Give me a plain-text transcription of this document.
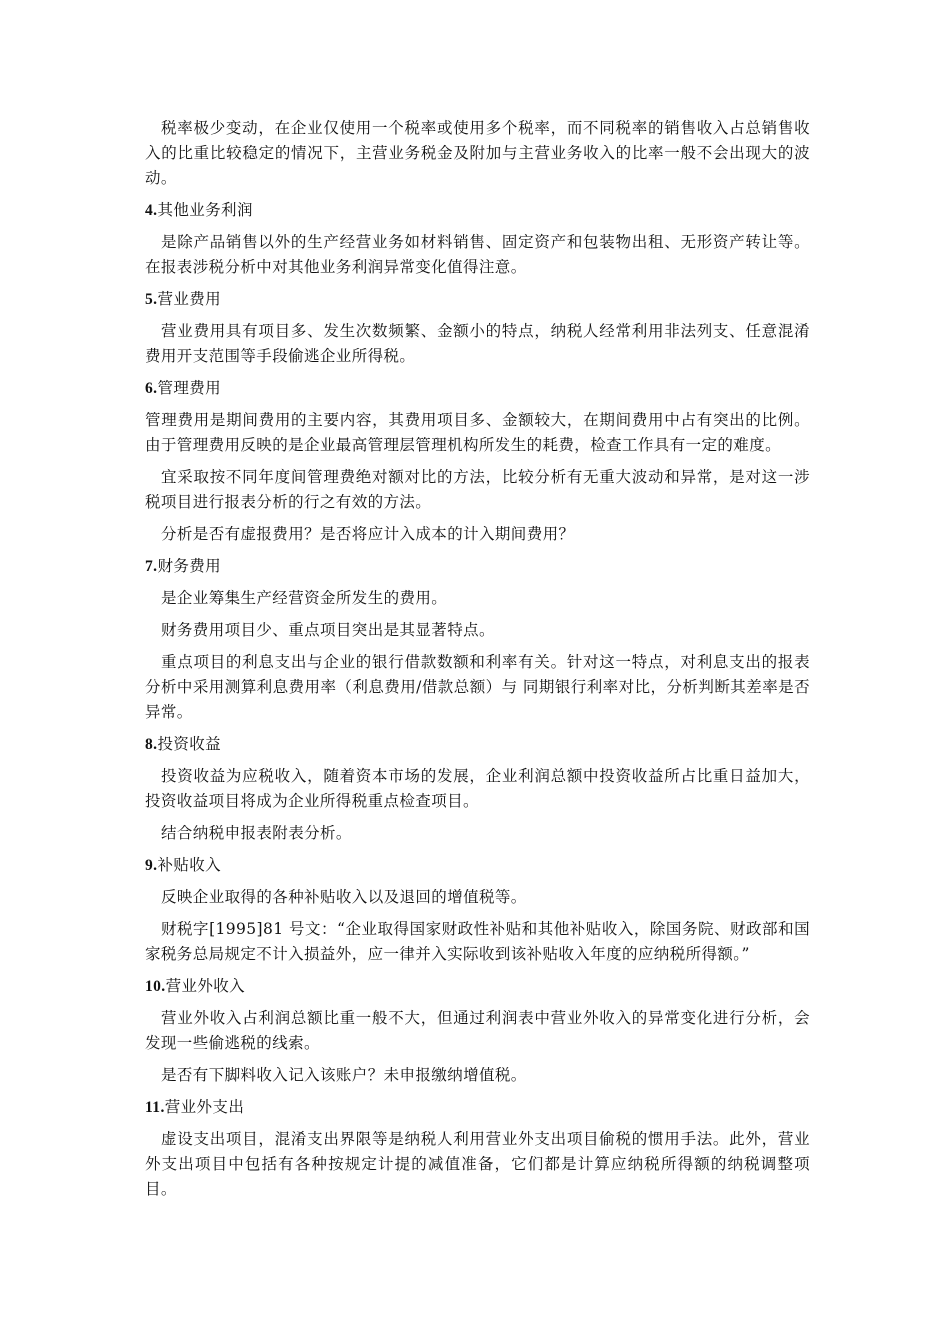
税率极少变动，在企业仅使用一个税率或使用多个税率，而不同税率的销售收入占总销售收入的比重比较稳定的情况下，主营业务税金及附加与主营业务收入的比率一般不会出现大的波动。

4.其他业务利润

是除产品销售以外的生产经营业务如材料销售、固定资产和包装物出租、无形资产转让等。在报表涉税分析中对其他业务利润异常变化值得注意。

5.营业费用

营业费用具有项目多、发生次数频繁、金额小的特点，纳税人经常利用非法列支、任意混淆费用开支范围等手段偷逃企业所得税。

6.管理费用

管理费用是期间费用的主要内容，其费用项目多、金额较大，在期间费用中占有突出的比例。由于管理费用反映的是企业最高管理层管理机构所发生的耗费，检查工作具有一定的难度。

宜采取按不同年度间管理费绝对额对比的方法，比较分析有无重大波动和异常，是对这一涉税项目进行报表分析的行之有效的方法。

分析是否有虚报费用？是否将应计入成本的计入期间费用？

7.财务费用

是企业筹集生产经营资金所发生的费用。

财务费用项目少、重点项目突出是其显著特点。

重点项目的利息支出与企业的银行借款数额和利率有关。针对这一特点，对利息支出的报表分析中采用测算利息费用率（利息费用/借款总额）与 同期银行利率对比，分析判断其差率是否异常。

8.投资收益

投资收益为应税收入，随着资本市场的发展，企业利润总额中投资收益所占比重日益加大，投资收益项目将成为企业所得税重点检查项目。

结合纳税申报表附表分析。

9.补贴收入

反映企业取得的各种补贴收入以及退回的增值税等。

财税字[1995]81 号文：“企业取得国家财政性补贴和其他补贴收入，除国务院、财政部和国家税务总局规定不计入损益外，应一律并入实际收到该补贴收入年度的应纳税所得额。”

10.营业外收入

营业外收入占利润总额比重一般不大，但通过利润表中营业外收入的异常变化进行分析，会发现一些偷逃税的线索。

是否有下脚料收入记入该账户？未申报缴纳增值税。

11.营业外支出

虚设支出项目，混淆支出界限等是纳税人利用营业外支出项目偷税的惯用手法。此外，营业外支出项目中包括有各种按规定计提的减值准备，它们都是计算应纳税所得额的纳税调整项目。
